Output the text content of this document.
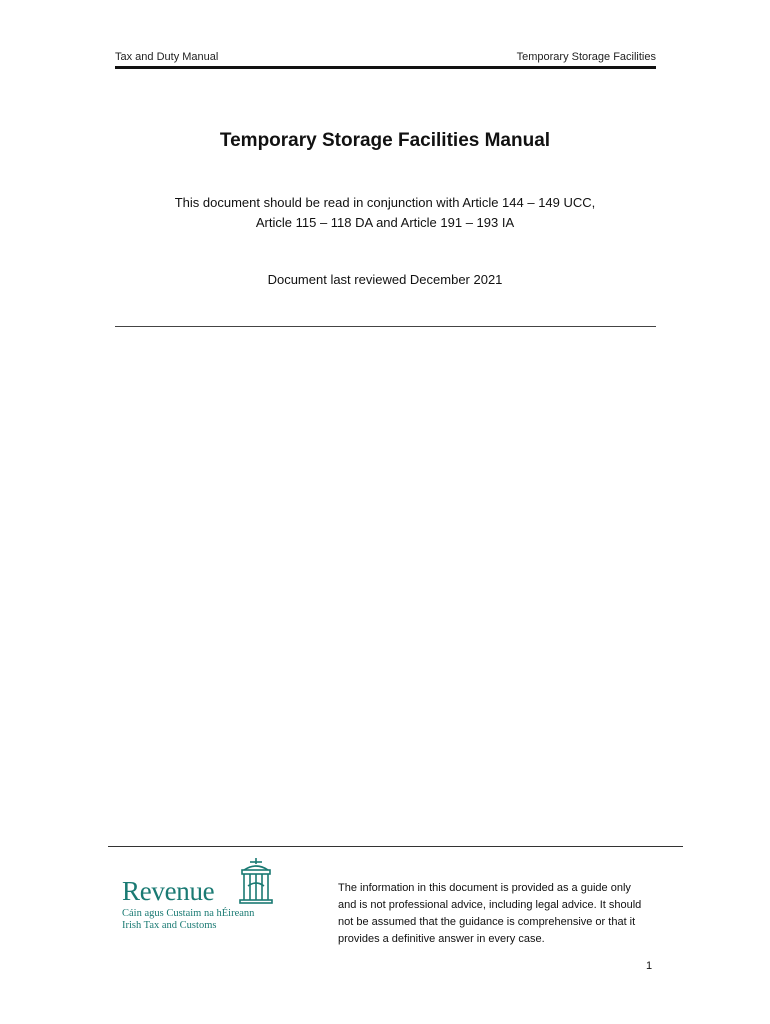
Tax and Duty Manual	Temporary Storage Facilities
Temporary Storage Facilities Manual
This document should be read in conjunction with Article 144 – 149 UCC,
Article 115 – 118 DA and Article 191 – 193 IA
Document last reviewed December 2021
Revenue
Cáin agus Custaim na hÉireann
Irish Tax and Customs
The information in this document is provided as a guide only
and is not professional advice, including legal advice. It should
not be assumed that the guidance is comprehensive or that it
provides a definitive answer in every case.
1
